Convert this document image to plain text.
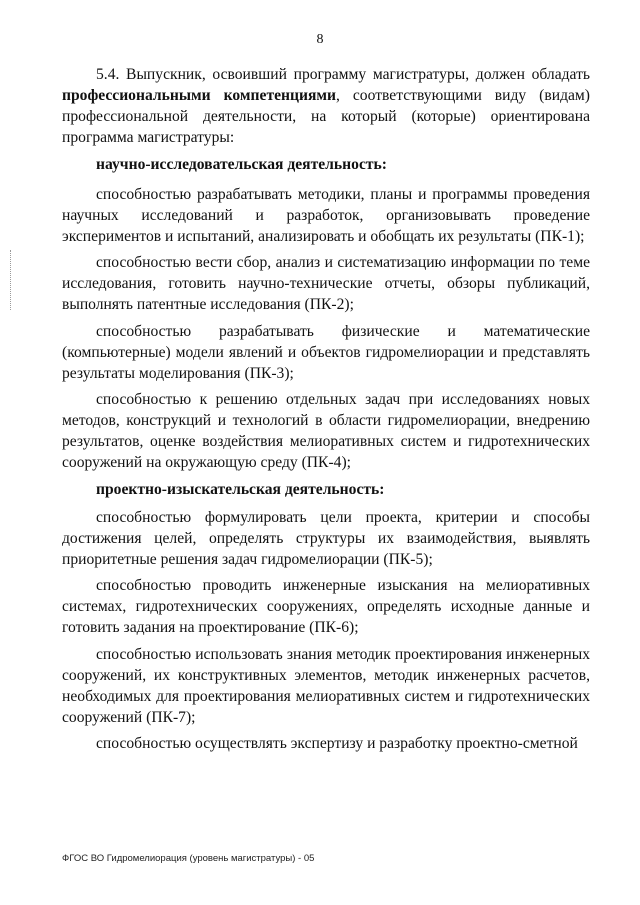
8

5.4. Выпускник, освоивший программу магистратуры, должен обладать профессиональными компетенциями, соответствующими виду (видам) профессиональной деятельности, на который (которые) ориентирована программа магистратуры:

научно-исследовательская деятельность:

способностью разрабатывать методики, планы и программы проведения научных исследований и разработок, организовывать проведение экспериментов и испытаний, анализировать и обобщать их результаты (ПК-1);

способностью вести сбор, анализ и систематизацию информации по теме исследования, готовить научно-технические отчеты, обзоры публикаций, выполнять патентные исследования (ПК-2);

способностью разрабатывать физические и математические (компьютерные) модели явлений и объектов гидромелиорации и представлять результаты моделирования (ПК-3);

способностью к решению отдельных задач при исследованиях новых методов, конструкций и технологий в области гидромелиорации, внедрению результатов, оценке воздействия мелиоративных систем и гидротехнических сооружений на окружающую среду (ПК-4);

проектно-изыскательская деятельность:

способностью формулировать цели проекта, критерии и способы достижения целей, определять структуры их взаимодействия, выявлять приоритетные решения задач гидромелиорации (ПК-5);

способностью проводить инженерные изыскания на мелиоративных системах, гидротехнических сооружениях, определять исходные данные и готовить задания на проектирование (ПК-6);

способностью использовать знания методик проектирования инженерных сооружений, их конструктивных элементов, методик инженерных расчетов, необходимых для проектирования мелиоративных систем и гидротехнических сооружений (ПК-7);

способностью осуществлять экспертизу и разработку проектно-сметной

ФГОС ВО Гидромелиорация (уровень магистратуры) - 05
